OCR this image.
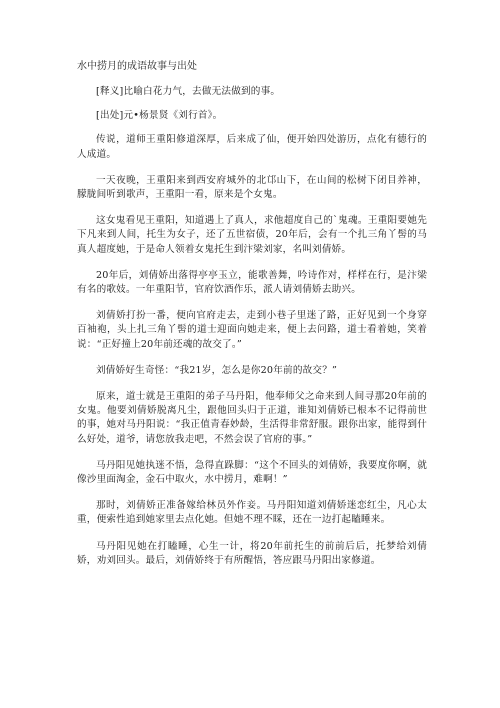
水中捞月的成语故事与出处

[释义]比喻白花力气，去做无法做到的事。

[出处]元•杨景贤《刘行首》。

传说，道师王重阳修道深厚，后来成了仙，便开始四处游历，点化有德行的人成道。

一天夜晚，王重阳来到西安府城外的北邙山下，在山间的松树下闭目养神，朦胧间听到歌声，王重阳一看，原来是个女鬼。

这女鬼看见王重阳，知道遇上了真人，求他超度自己的`鬼魂。王重阳要她先下凡来到人间，托生为女子，还了五世宿债，20年后，会有一个扎三角丫髻的马真人超度她，于是命人领着女鬼托生到汴梁刘家，名叫刘倩娇。

20年后，刘倩娇出落得亭亭玉立，能歌善舞，吟诗作对，样样在行，是汴梁有名的歌妓。一年重阳节，官府饮酒作乐，派人请刘倩娇去助兴。

刘倩娇打扮一番，便向官府走去，走到小巷子里迷了路，正好见到一个身穿百袖袍，头上扎三角丫髻的道士迎面向她走来，便上去问路，道士看着她，笑着说：“正好撞上20年前还魂的故交了。”

刘倩娇好生奇怪：“我21岁，怎么是你20年前的故交？”

原来，道士就是王重阳的弟子马丹阳，他奉师父之命来到人间寻那20年前的女鬼。他要刘倩娇脱离凡尘，跟他回头归于正道，谁知刘倩娇已根本不记得前世的事，她对马丹阳说：“我正值青春妙龄，生活得非常舒服。跟你出家，能得到什么好处，道爷，请您放我走吧，不然会误了官府的事。”

马丹阳见她执迷不悟，急得直跺脚：“这个不回头的刘倩娇，我要度你啊，就像沙里面淘金，金石中取火，水中捞月，难啊！”

那时，刘倩娇正准备嫁给林员外作妾。马丹阳知道刘倩娇迷恋红尘，凡心太重，便索性追到她家里去点化她。但她不理不睬，还在一边打起瞌睡来。

马丹阳见她在打瞌睡，心生一计，将20年前托生的前前后后，托梦给刘倩娇，劝刘回头。最后，刘倩娇终于有所醒悟，答应跟马丹阳出家修道。
